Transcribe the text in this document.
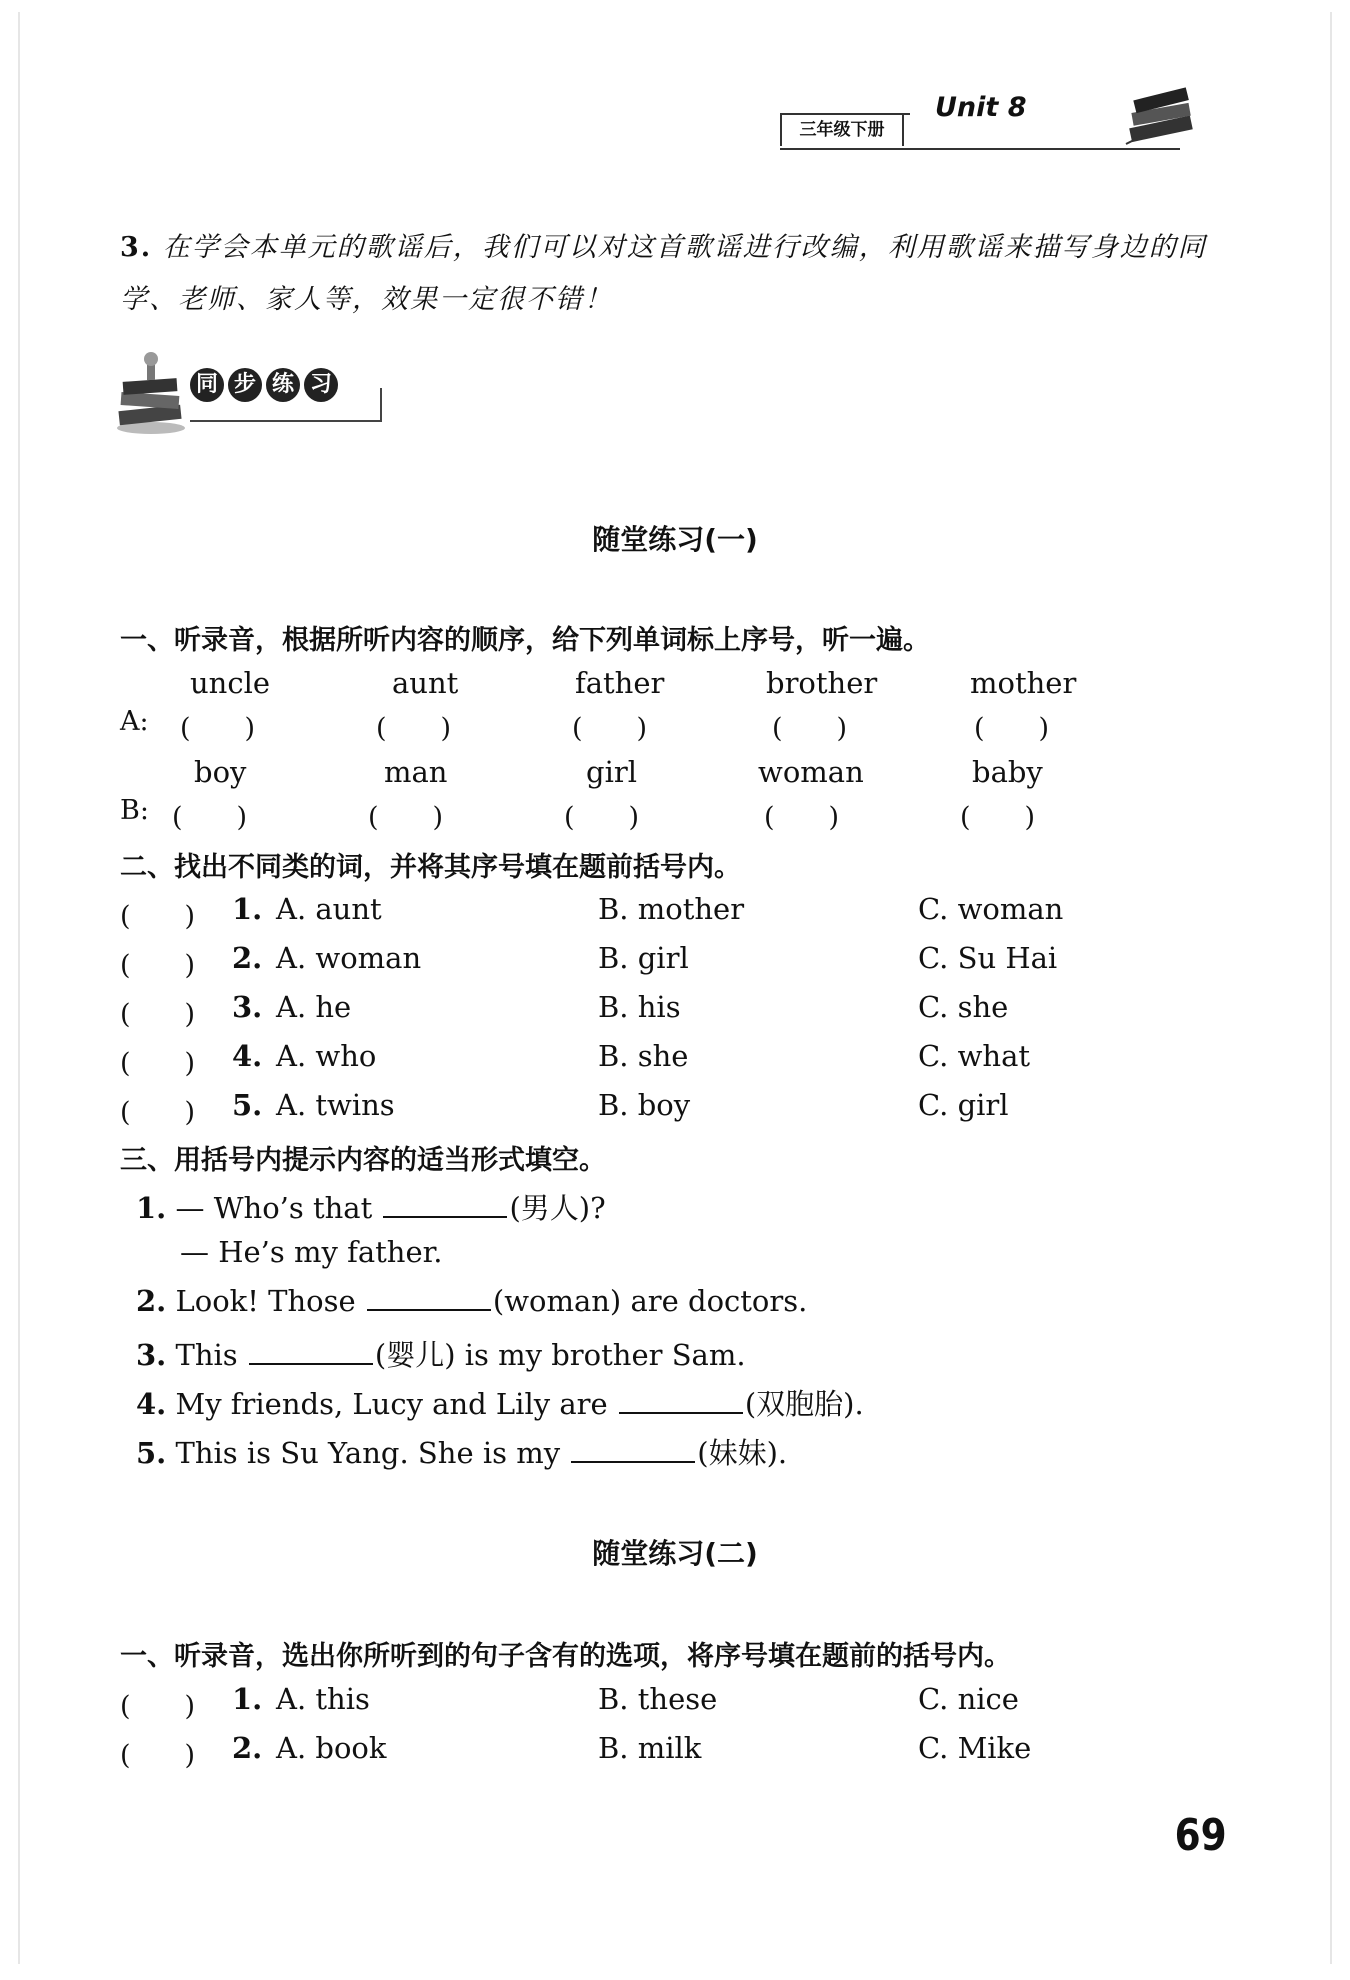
三年级下册
Unit 8
3. 在学会本单元的歌谣后，我们可以对这首歌谣进行改编，利用歌谣来描写身边的同学、老师、家人等，效果一定很不错！
同 步 练 习
随堂练习(一)
一、听录音，根据所听内容的顺序，给下列单词标上序号，听一遍。
uncle	aunt	father	brother	mother
A: (　　)	(　　)	(　　)	(　　)	(　　)
boy	man	girl	woman	baby
B: (　　)	(　　)	(　　)	(　　)	(　　)
二、找出不同类的词，并将其序号填在题前括号内。
(　　) 1. A. aunt	B. mother	C. woman
(　　) 2. A. woman	B. girl	C. Su Hai
(　　) 3. A. he	B. his	C. she
(　　) 4. A. who	B. she	C. what
(　　) 5. A. twins	B. boy	C. girl
三、用括号内提示内容的适当形式填空。
1. — Who’s that	(男人)?
— He’s my father.
2. Look! Those	(woman) are doctors.
3. This	(婴儿) is my brother Sam.
4. My friends, Lucy and Lily are	(双胞胎).
5. This is Su Yang. She is my	(妹妹).
随堂练习(二)
一、听录音，选出你所听到的句子含有的选项，将序号填在题前的括号内。
(　　) 1. A. this	B. these	C. nice
(　　) 2. A. book	B. milk	C. Mike
69
